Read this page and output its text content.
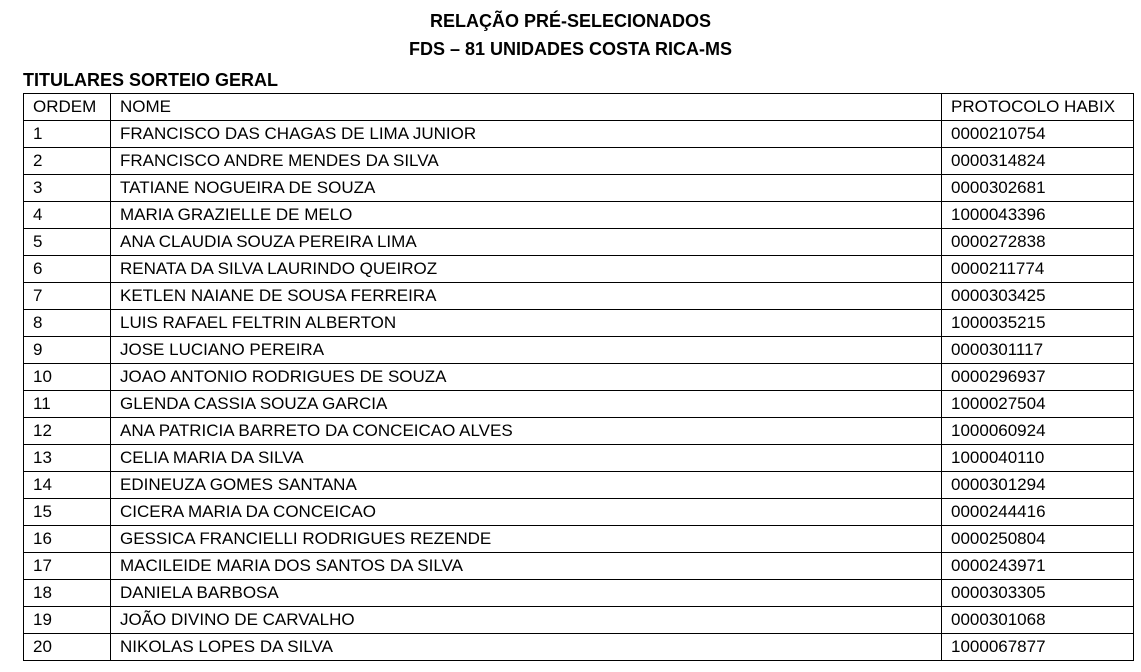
RELAÇÃO PRÉ-SELECIONADOS
FDS – 81 UNIDADES COSTA RICA-MS
TITULARES SORTEIO GERAL
ORDEM	NOME	PROTOCOLO HABIX
1	FRANCISCO DAS CHAGAS DE LIMA JUNIOR	0000210754
2	FRANCISCO ANDRE MENDES DA SILVA	0000314824
3	TATIANE NOGUEIRA DE SOUZA	0000302681
4	MARIA GRAZIELLE DE MELO	1000043396
5	ANA CLAUDIA SOUZA PEREIRA LIMA	0000272838
6	RENATA DA SILVA LAURINDO QUEIROZ	0000211774
7	KETLEN NAIANE DE SOUSA FERREIRA	0000303425
8	LUIS RAFAEL FELTRIN ALBERTON	1000035215
9	JOSE LUCIANO PEREIRA	0000301117
10	JOAO ANTONIO RODRIGUES DE SOUZA	0000296937
11	GLENDA CASSIA SOUZA GARCIA	1000027504
12	ANA PATRICIA BARRETO DA CONCEICAO ALVES	1000060924
13	CELIA MARIA DA SILVA	1000040110
14	EDINEUZA GOMES SANTANA	0000301294
15	CICERA MARIA DA CONCEICAO	0000244416
16	GESSICA FRANCIELLI RODRIGUES REZENDE	0000250804
17	MACILEIDE MARIA DOS SANTOS DA SILVA	0000243971
18	DANIELA BARBOSA	0000303305
19	JOÃO DIVINO DE CARVALHO	0000301068
20	NIKOLAS LOPES DA SILVA	1000067877
